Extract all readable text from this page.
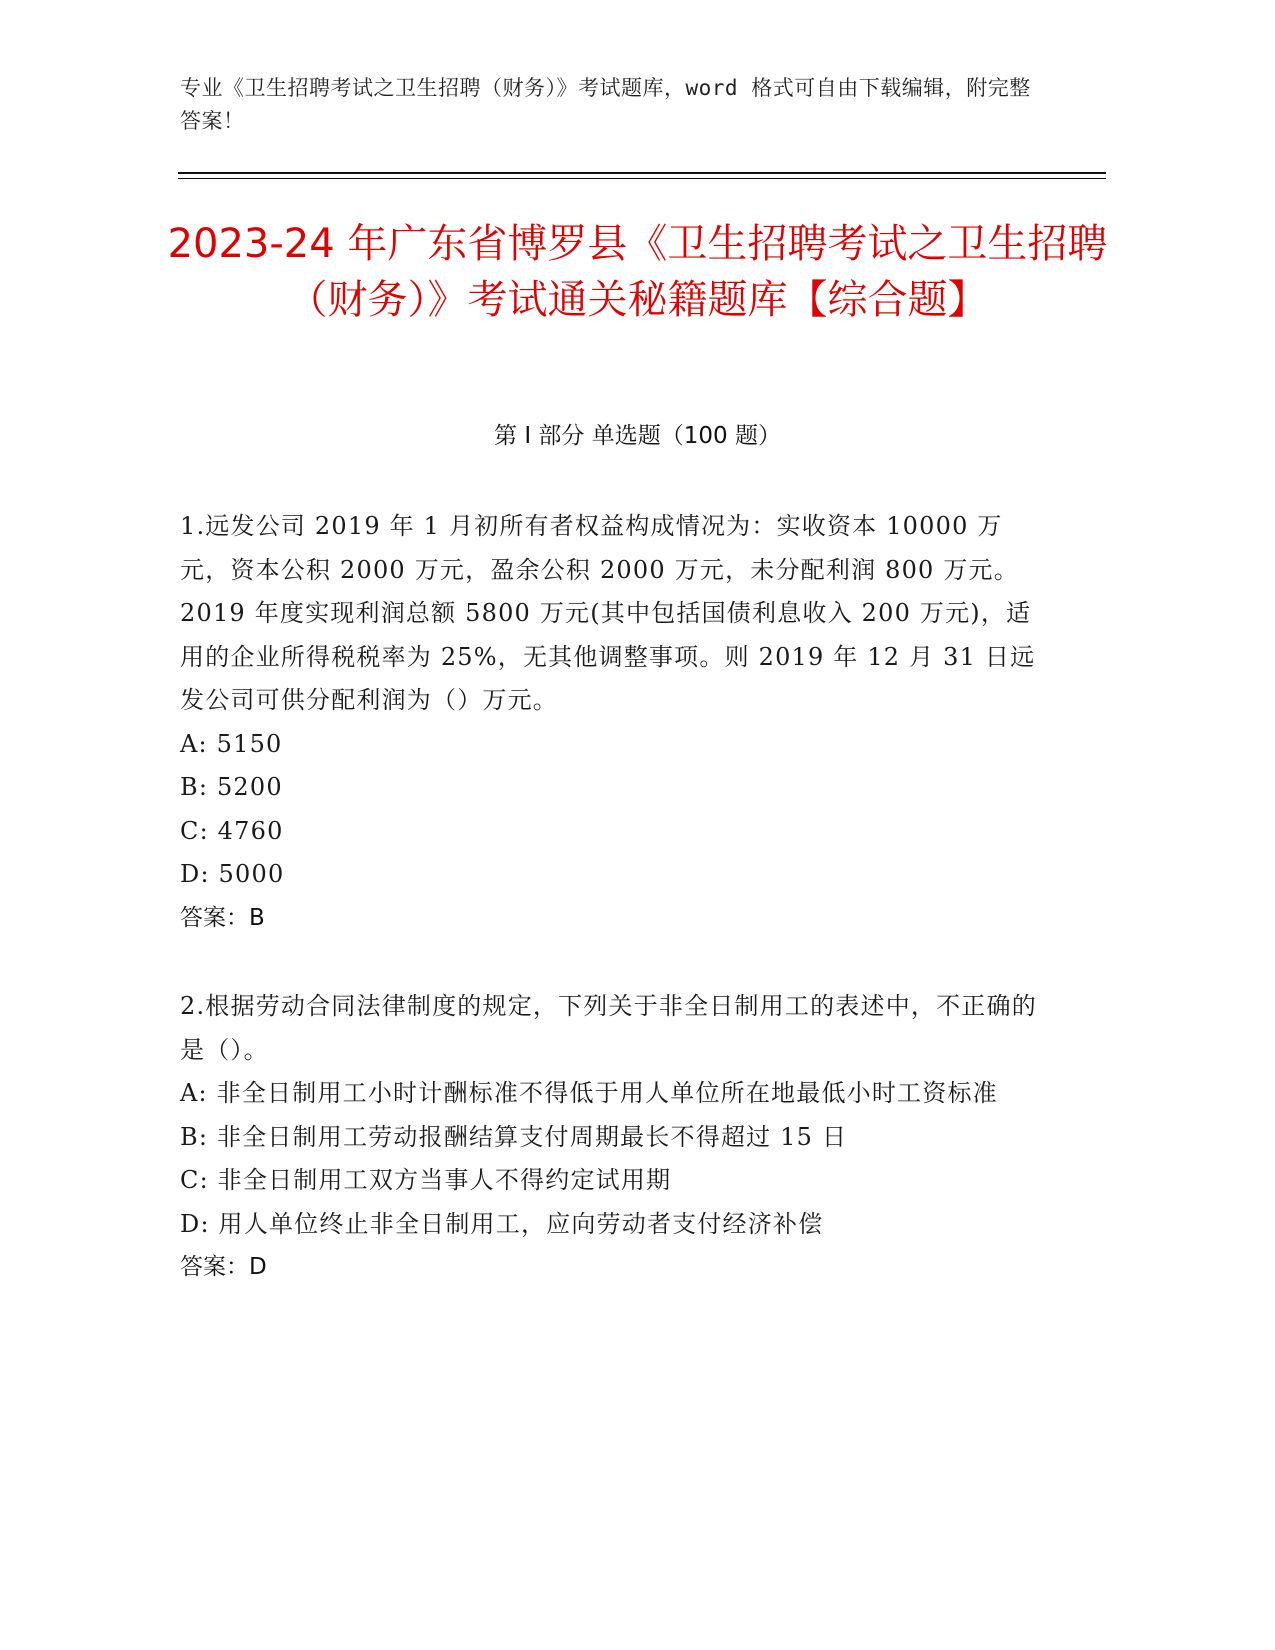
专业《卫生招聘考试之卫生招聘（财务）》考试题库，word 格式可自由下载编辑，附完整答案！
2023-24 年广东省博罗县《卫生招聘考试之卫生招聘（财务）》考试通关秘籍题库【综合题】
第 I 部分 单选题（100 题）

1.远发公司 2019 年 1 月初所有者权益构成情况为：实收资本 10000 万元，资本公积 2000 万元，盈余公积 2000 万元，未分配利润 800 万元。2019 年度实现利润总额 5800 万元(其中包括国债利息收入 200 万元)，适用的企业所得税税率为 25%，无其他调整事项。则 2019 年 12 月 31 日远发公司可供分配利润为（）万元。

A: 5150

B: 5200

C: 4760

D: 5000

答案：B

2.根据劳动合同法律制度的规定，下列关于非全日制用工的表述中，不正确的是（）。

A: 非全日制用工小时计酬标准不得低于用人单位所在地最低小时工资标准

B: 非全日制用工劳动报酬结算支付周期最长不得超过 15 日

C: 非全日制用工双方当事人不得约定试用期

D: 用人单位终止非全日制用工，应向劳动者支付经济补偿

答案：D
